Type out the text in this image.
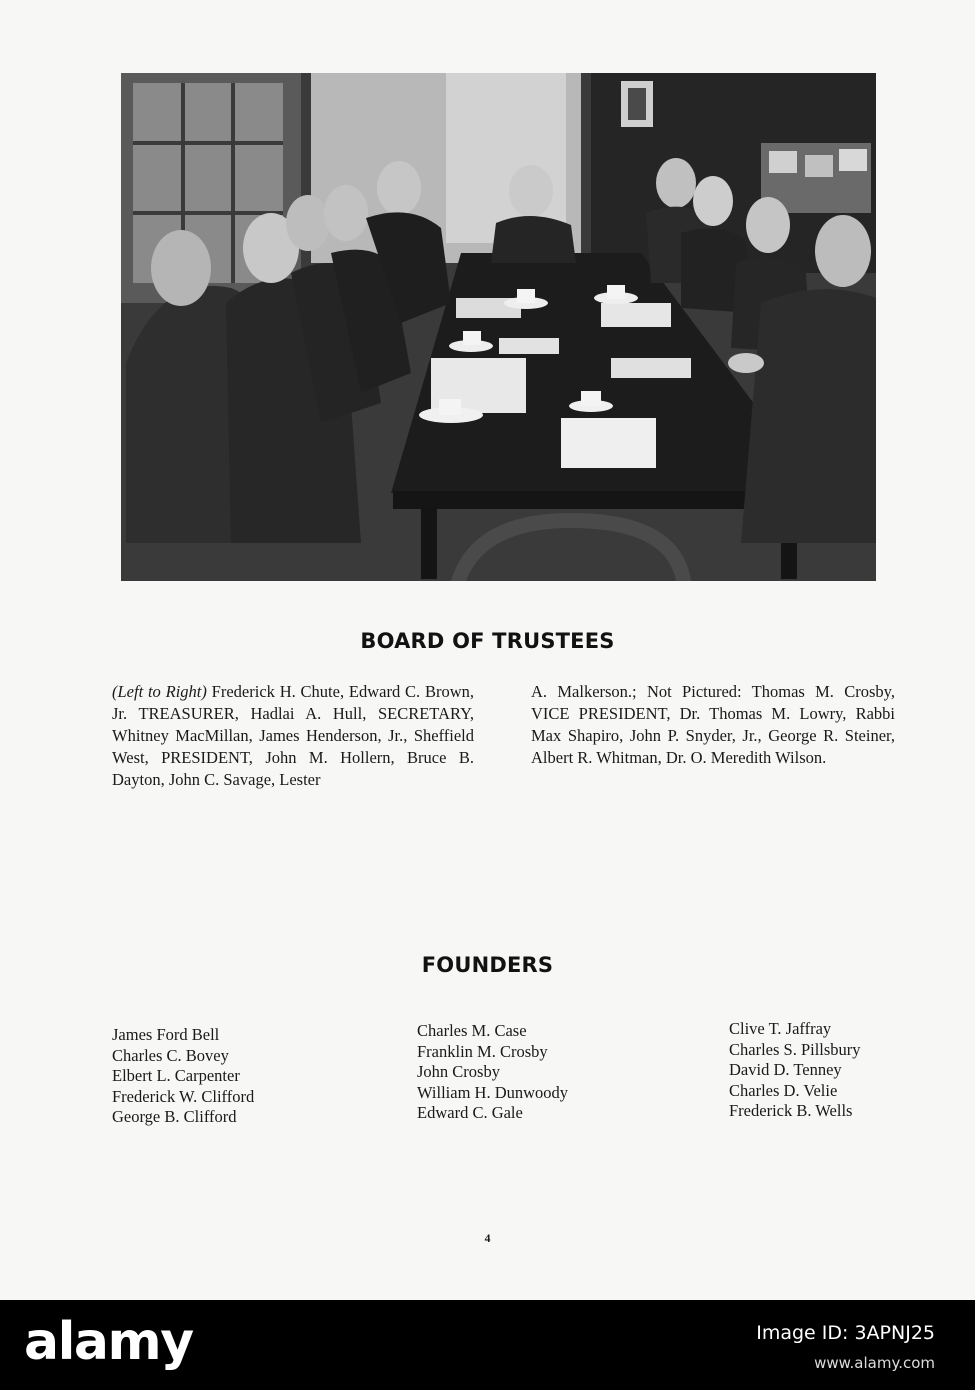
BOARD OF TRUSTEES
(Left to Right) Frederick H. Chute, Edward C. Brown, Jr. TREASURER, Hadlai A. Hull, SECRETARY, Whitney MacMillan, James Henderson, Jr., Sheffield West, PRESIDENT, John M. Hollern, Bruce B. Dayton, John C. Savage, Lester
A. Malkerson.; Not Pictured: Thomas M. Crosby, VICE PRESIDENT, Dr. Thomas M. Lowry, Rabbi Max Shapiro, John P. Snyder, Jr., George R. Steiner, Albert R. Whitman, Dr. O. Meredith Wilson.
FOUNDERS
James Ford Bell
Charles C. Bovey
Elbert L. Carpenter
Frederick W. Clifford
George B. Clifford
Charles M. Case
Franklin M. Crosby
John Crosby
William H. Dunwoody
Edward C. Gale
Clive T. Jaffray
Charles S. Pillsbury
David D. Tenney
Charles D. Velie
Frederick B. Wells
4
alamy	Image ID: 3APNJ25
www.alamy.com
